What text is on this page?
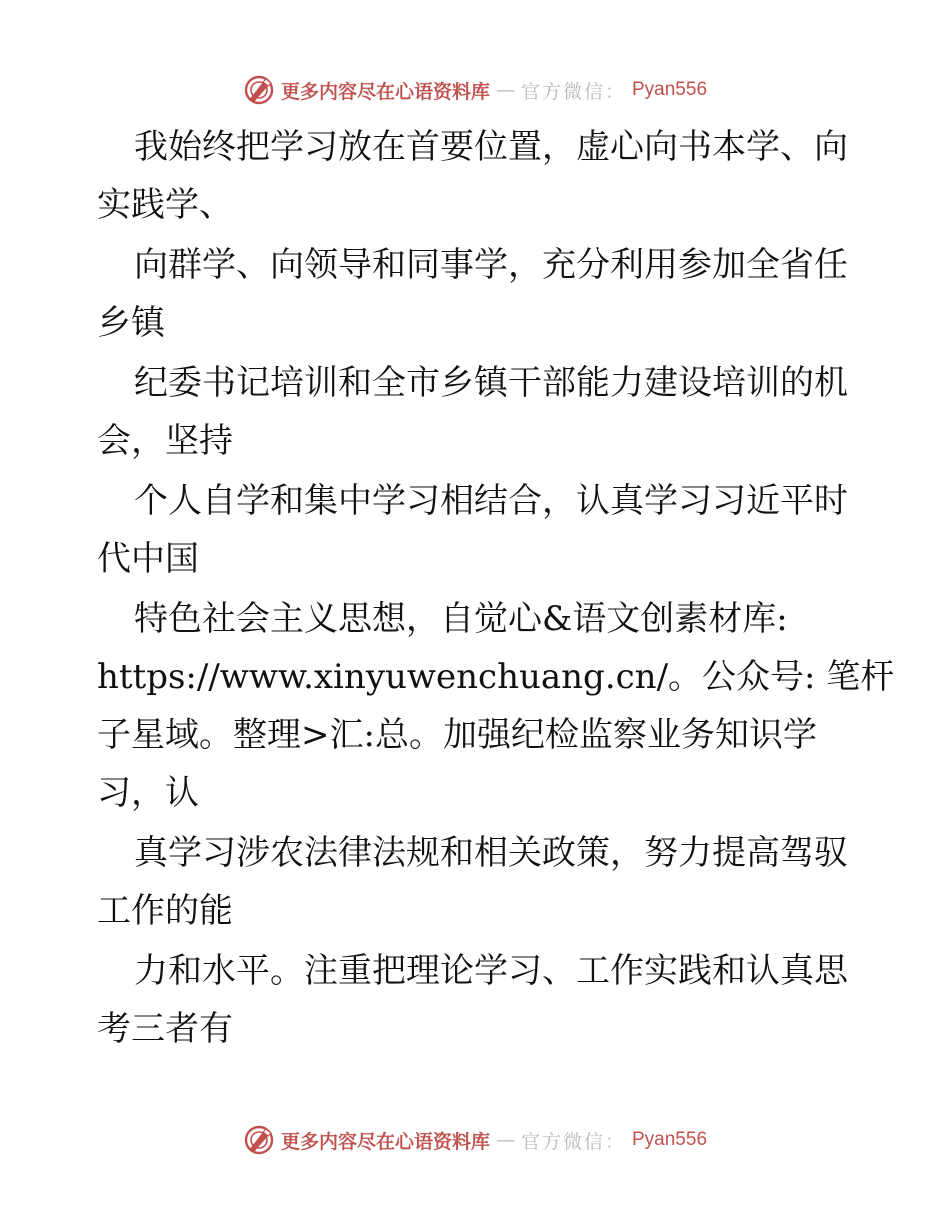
更多内容尽在心语资料库 — 官方微信： Pyan556
我始终把学习放在首要位置，虚心向书本学、向
实践学、
向群学、向领导和同事学，充分利用参加全省任
乡镇
纪委书记培训和全市乡镇干部能力建设培训的机
会，坚持
个人自学和集中学习相结合，认真学习习近平时
代中国
特色社会主义思想，自觉心&语文创素材库:
https://www.xinyuwenchuang.cn/。公众号: 笔杆
子星域。整理>汇:总。加强纪检监察业务知识学
习，认
真学习涉农法律法规和相关政策，努力提高驾驭
工作的能
力和水平。注重把理论学习、工作实践和认真思
考三者有
更多内容尽在心语资料库 — 官方微信： Pyan556
